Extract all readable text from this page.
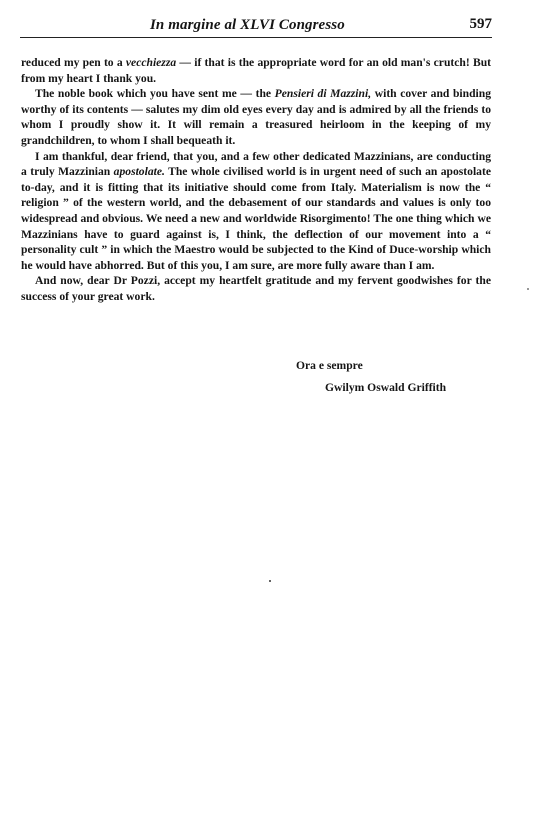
In margine al XLVI Congresso	597

reduced my pen to a vecchiezza — if that is the appropriate word for an old man's crutch! But from my heart I thank you.

The noble book which you have sent me — the Pensieri di Mazzini, with cover and binding worthy of its contents — salutes my dim old eyes every day and is admired by all the friends to whom I proudly show it. It will remain a treasured heirloom in the keeping of my grandchildren, to whom I shall bequeath it.

I am thankful, dear friend, that you, and a few other dedicated Mazzinians, are conducting a truly Mazzinian apostolate. The whole civilised world is in urgent need of such an apostolate to-day, and it is fitting that its initiative should come from Italy. Materialism is now the “ religion ” of the western world, and the debasement of our standards and values is only too widespread and obvious. We need a new and worldwide Risorgimento! The one thing which we Mazzinians have to guard against is, I think, the deflection of our movement into a “ personality cult ” in which the Maestro would be subjected to the Kind of Duce-worship which he would have abhorred. But of this you, I am sure, are more fully aware than I am.

And now, dear Dr Pozzi, accept my heartfelt gratitude and my fervent goodwishes for the success of your great work.

Ora e sempre
Gwilym Oswald Griffith
